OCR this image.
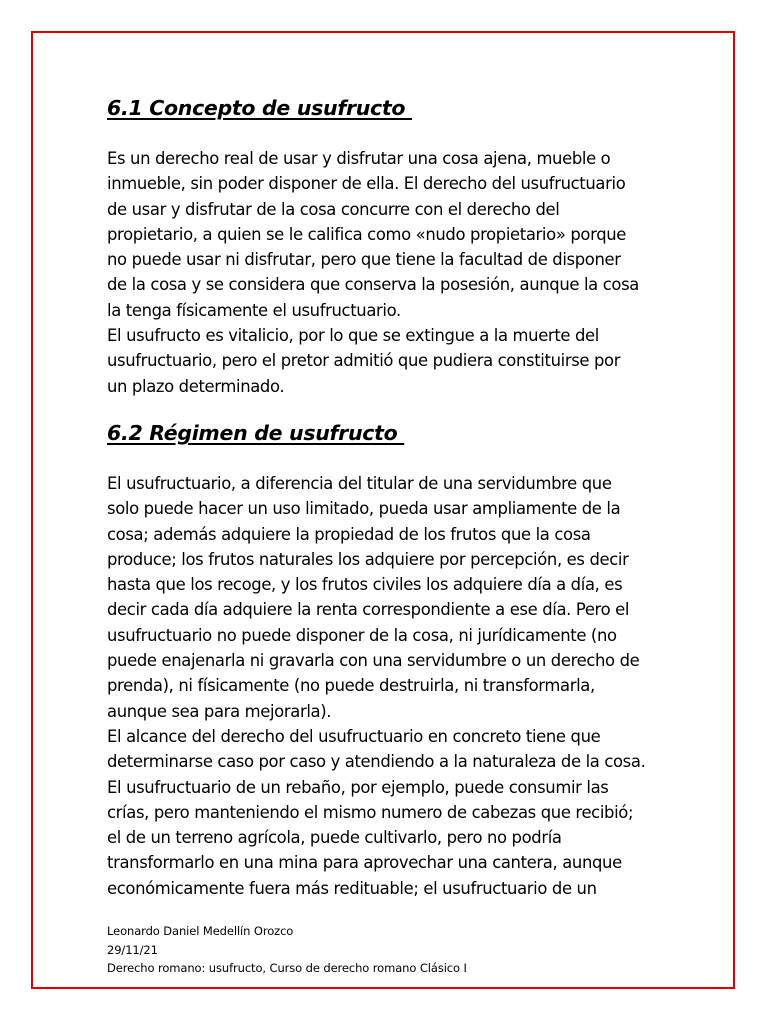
6.1 Concepto de usufructo

Es un derecho real de usar y disfrutar una cosa ajena, mueble o
inmueble, sin poder disponer de ella. El derecho del usufructuario
de usar y disfrutar de la cosa concurre con el derecho del
propietario, a quien se le califica como «nudo propietario» porque
no puede usar ni disfrutar, pero que tiene la facultad de disponer
de la cosa y se considera que conserva la posesión, aunque la cosa
la tenga físicamente el usufructuario.
El usufructo es vitalicio, por lo que se extingue a la muerte del
usufructuario, pero el pretor admitió que pudiera constituirse por
un plazo determinado.

6.2 Régimen de usufructo

El usufructuario, a diferencia del titular de una servidumbre que
solo puede hacer un uso limitado, pueda usar ampliamente de la
cosa; además adquiere la propiedad de los frutos que la cosa
produce; los frutos naturales los adquiere por percepción, es decir
hasta que los recoge, y los frutos civiles los adquiere día a día, es
decir cada día adquiere la renta correspondiente a ese día. Pero el
usufructuario no puede disponer de la cosa, ni jurídicamente (no
puede enajenarla ni gravarla con una servidumbre o un derecho de
prenda), ni físicamente (no puede destruirla, ni transformarla,
aunque sea para mejorarla).
El alcance del derecho del usufructuario en concreto tiene que
determinarse caso por caso y atendiendo a la naturaleza de la cosa.
El usufructuario de un rebaño, por ejemplo, puede consumir las
crías, pero manteniendo el mismo numero de cabezas que recibió;
el de un terreno agrícola, puede cultivarlo, pero no podría
transformarlo en una mina para aprovechar una cantera, aunque
económicamente fuera más redituable; el usufructuario de un

Leonardo Daniel Medellín Orozco
29/11/21
Derecho romano: usufructo, Curso de derecho romano Clásico I
